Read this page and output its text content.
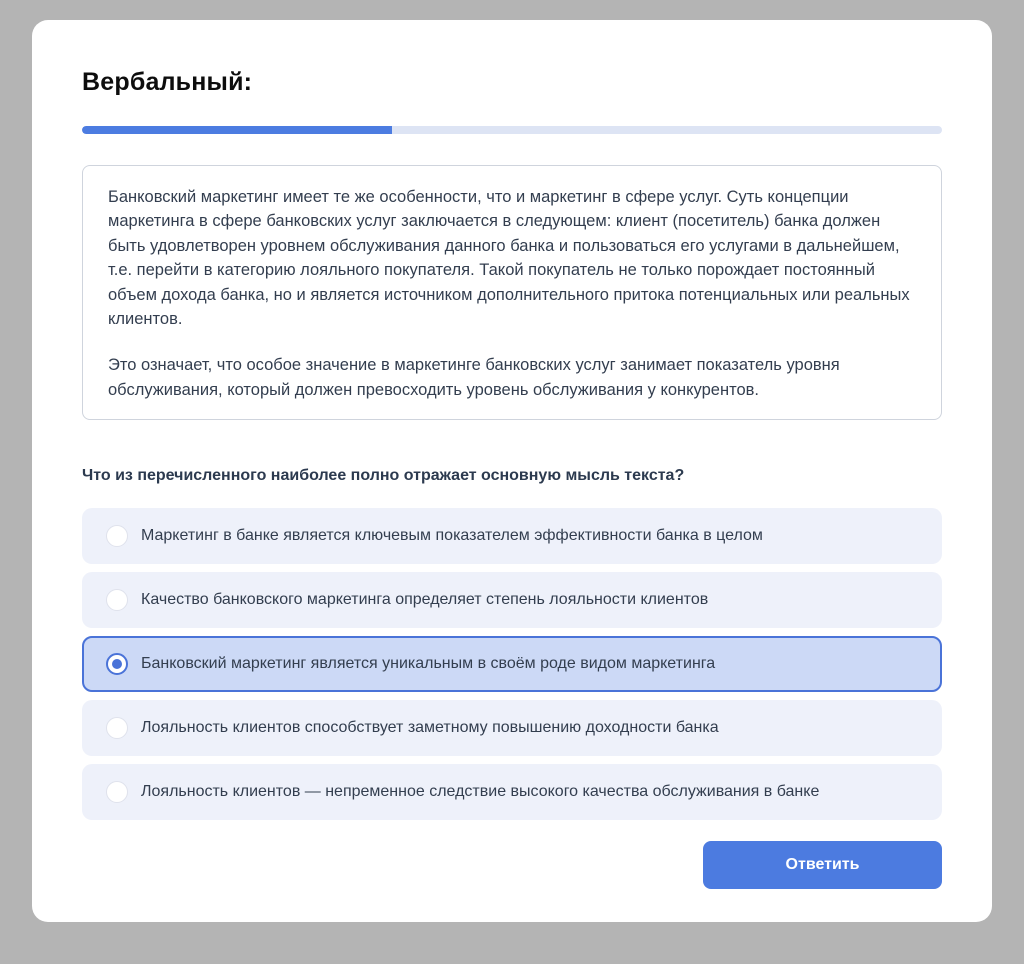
Вербальный:

Банковский маркетинг имеет те же особенности, что и маркетинг в сфере услуг. Суть концепции маркетинга в сфере банковских услуг заключается в следующем: клиент (посетитель) банка должен быть удовлетворен уровнем обслуживания данного банка и пользоваться его услугами в дальнейшем, т.е. перейти в категорию лояльного покупателя. Такой покупатель не только порождает постоянный объем дохода банка, но и является источником дополнительного притока потенциальных или реальных клиентов.

Это означает, что особое значение в маркетинге банковских услуг занимает показатель уровня обслуживания, который должен превосходить уровень обслуживания у конкурентов.

Что из перечисленного наиболее полно отражает основную мысль текста?
Маркетинг в банке является ключевым показателем эффективности банка в целом
Качество банковского маркетинга определяет степень лояльности клиентов
Банковский маркетинг является уникальным в своём роде видом маркетинга
Лояльность клиентов способствует заметному повышению доходности банка
Лояльность клиентов — непременное следствие высокого качества обслуживания в банке
Ответить
